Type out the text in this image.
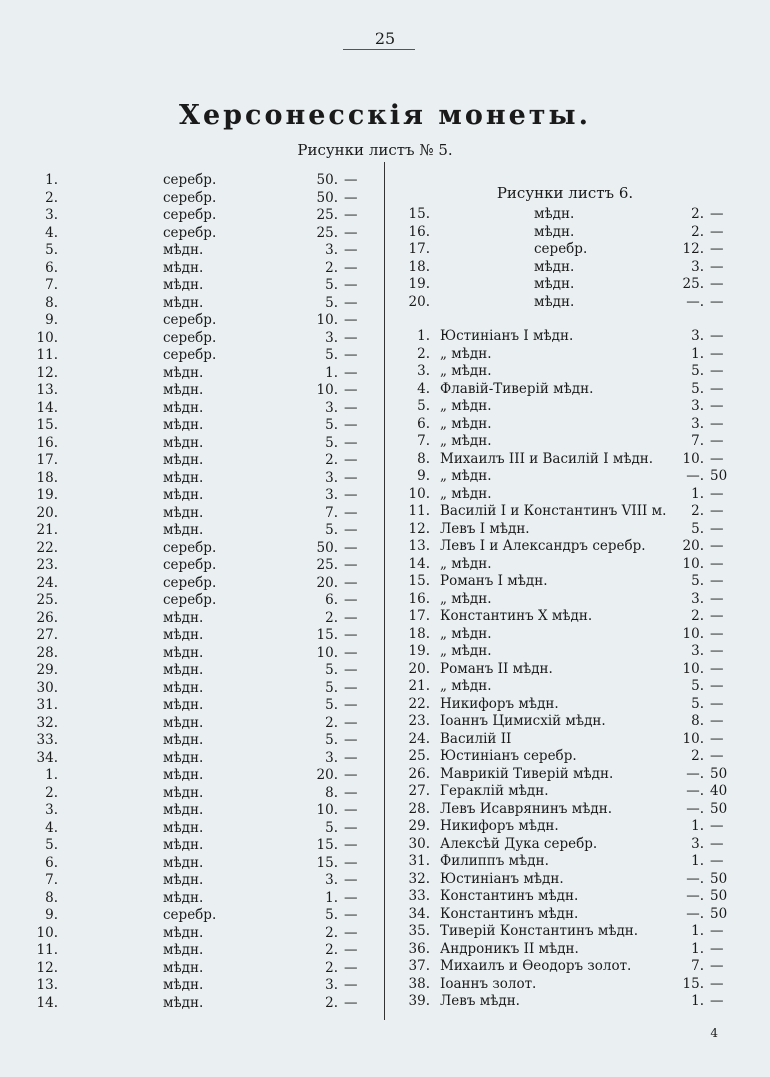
25
Херсонесскія монеты.
Рисунки листъ № 5.
Рисунки листъ 6.
1.	серебр.	50. —
2.	серебр.	50. —
3.	серебр.	25. —
4.	серебр.	25. —
5.	мѣдн.	3. —
6.	мѣдн.	2. —
7.	мѣдн.	5. —
8.	мѣдн.	5. —
9.	серебр.	10. —
10.	серебр.	3. —
11.	серебр.	5. —
12.	мѣдн.	1. —
13.	мѣдн.	10. —
14.	мѣдн.	3. —
15.	мѣдн.	5. —
16.	мѣдн.	5. —
17.	мѣдн.	2. —
18.	мѣдн.	3. —
19.	мѣдн.	3. —
20.	мѣдн.	7. —
21.	мѣдн.	5. —
22.	серебр.	50. —
23.	серебр.	25. —
24.	серебр.	20. —
25.	серебр.	6. —
26.	мѣдн.	2. —
27.	мѣдн.	15. —
28.	мѣдн.	10. —
29.	мѣдн.	5. —
30.	мѣдн.	5. —
31.	мѣдн.	5. —
32.	мѣдн.	2. —
33.	мѣдн.	5. —
34.	мѣдн.	3. —
1.	мѣдн.	20. —
2.	мѣдн.	8. —
3.	мѣдн.	10. —
4.	мѣдн.	5. —
5.	мѣдн.	15. —
6.	мѣдн.	15. —
7.	мѣдн.	3. —
8.	мѣдн.	1. —
9.	серебр.	5. —
10.	мѣдн.	2. —
11.	мѣдн.	2. —
12.	мѣдн.	2. —
13.	мѣдн.	3. —
14.	мѣдн.	2. —
15.	мѣдн.	2. —
16.	мѣдн.	2. —
17.	серебр.	12. —
18.	мѣдн.	3. —
19.	мѣдн.	25. —
20.	мѣдн.	—. —
1. Юстиніанъ I мѣдн.	3. —
2. „ мѣдн.	1. —
3. „ мѣдн.	5. —
4. Флавій-Тиверій мѣдн.	5. —
5. „ мѣдн.	3. —
6. „ мѣдн.	3. —
7. „ мѣдн.	7. —
8. Михаилъ III и Василій I мѣдн.	10. —
9. „ мѣдн.	—. 50
10. „ мѣдн.	1. —
11. Василій I и Константинъ VIII м.	2. —
12. Левъ I мѣдн.	5. —
13. Левъ I и Александръ серебр.	20. —
14. „ мѣдн.	10. —
15. Романъ I мѣдн.	5. —
16. „ мѣдн.	3. —
17. Константинъ X мѣдн.	2. —
18. „ мѣдн.	10. —
19. „ мѣдн.	3. —
20. Романъ II мѣдн.	10. —
21. „ мѣдн.	5. —
22. Никифоръ мѣдн.	5. —
23. Іоаннъ Цимисхій мѣдн.	8. —
24. Василій II	10. —
25. Юстиніанъ серебр.	2. —
26. Маврикій Тиверій мѣдн.	—. 50
27. Гераклій мѣдн.	—. 40
28. Левъ Исаврянинъ мѣдн.	—. 50
29. Никифоръ мѣдн.	1. —
30. Алексѣй Дука серебр.	3. —
31. Филиппъ мѣдн.	1. —
32. Юстиніанъ мѣдн.	—. 50
33. Константинъ мѣдн.	—. 50
34. Константинъ мѣдн.	—. 50
35. Тиверій Константинъ мѣдн.	1. —
36. Андроникъ II мѣдн.	1. —
37. Михаилъ и Ѳеодоръ золот.	7. —
38. Іоаннъ золот.	15. —
39. Левъ мѣдн.	1. —
4
